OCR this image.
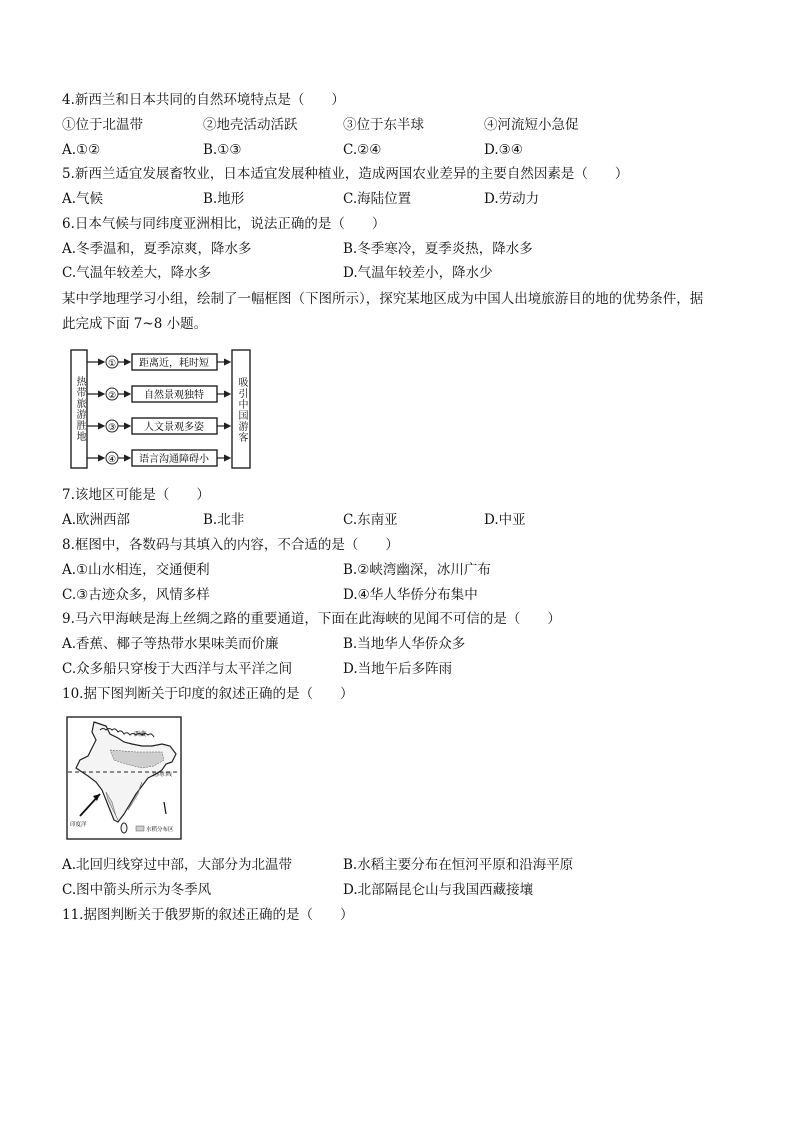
4.新西兰和日本共同的自然环境特点是（　　）
①位于北温带	②地壳活动活跃	③位于东半球	④河流短小急促
A.①②	B.①③	C.②④	D.③④
5.新西兰适宜发展畜牧业，日本适宜发展种植业，造成两国农业差异的主要自然因素是（　　）
A.气候	B.地形	C.海陆位置	D.劳动力
6.日本气候与同纬度亚洲相比，说法正确的是（　　）
A.冬季温和，夏季凉爽，降水多	B.冬季寒冷，夏季炎热，降水多
C.气温年较差大，降水多	D.气温年较差小，降水少
某中学地理学习小组，绘制了一幅框图（下图所示），探究某地区成为中国人出境旅游目的地的优势条件，据
此完成下面 7~8 小题。
热带旅游胜地	吸引中国游客
① 距离近，耗时短
②	自然景观独特
③	人文景观多姿
④ 语言沟通障碍小
7.该地区可能是（　　）
A.欧洲西部	B.北非	C.东南亚	D.中亚
8.框图中，各数码与其填入的内容，不合适的是（　　）
A.①山水相连，交通便利	B.②峡湾幽深，冰川广布
C.③古迹众多，风情多样	D.④华人华侨分布集中
9.马六甲海峡是海上丝绸之路的重要通道，下面在此海峡的见闻不可信的是（　　）
A.香蕉、椰子等热带水果味美而价廉	B.当地华人华侨众多
C.众多船只穿梭于大西洋与太平洋之间	D.当地午后多阵雨
10.据下图判断关于印度的叙述正确的是（　　）
西藏
北回归线
印度洋
水稻分布区
A.北回归线穿过中部，大部分为北温带	B.水稻主要分布在恒河平原和沿海平原
C.图中箭头所示为冬季风	D.北部隔昆仑山与我国西藏接壤
11.据图判断关于俄罗斯的叙述正确的是（　　）
